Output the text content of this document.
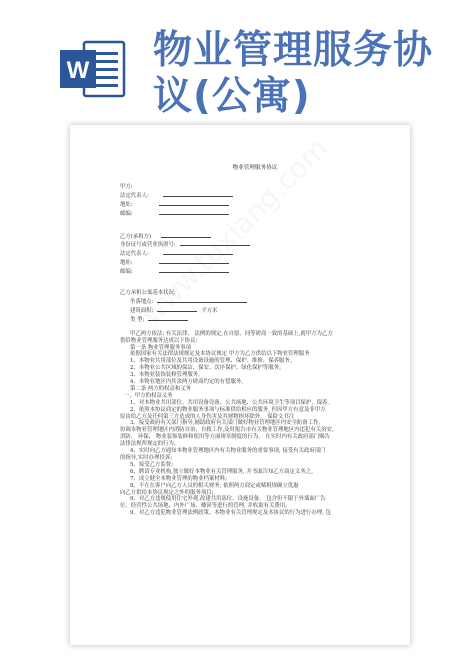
W 物业管理服务协议(公寓)
物业管理服务协议
甲方:
法定代表人:
地址:
邮编:
乙方(承租方)
身份证号或营业执照号:
法定代表人:
地址:
邮编:
乙方承租公寓基本状况:
坐落地点:
建筑面积:	平方米
类 型:
甲乙两方依法: 有关法律、 法例的规定,在自愿、同等磋商一致的基础上,就甲方为乙方
供给物业管理服务达成以下协议:
第一条 物业管理服务事项
依据国家有关法律法规规定及本协议规定 甲方为乙方供给以下物业管理服务
1、本物业共用部位及共用设备设施的管理、保护、维修、保养服务。
2、本物业公共区域的保洁、保安、次序保护、绿化保护等服务。
3、本物业装饰装修管理服务。
4、本物业地区内其余两方磋商约定的有偿服务。
第二条 两方的权益和义务
一、甲方的权益义务
1、对本物业共用部位、共用设备设备、公共场地、公共环境卫生等项目保护、保养。
2、依照本协议商定的物业服务事项与标准供给相应的服务, 但因甲方有意及非甲方
原由给乙方及任何第三方造成的人身伤害及其财物损坏除外。 保险文书注
3、接受政府有关部门指导,辅助政府有关部门做好物业管理地区内安全防备工作,
协调本物业管理地区内消防自治、自救工作,及时报告市有关物业管理地区内违犯有关治安,
消防、 环保、 物业装饰装修和使用等方面规章制度的行为。 在实时内有关政府部门赐告
法律法规所规定的行为。
4、实时向乙方通知本物业管理地区内有关物业服务的重要事项, 接受有关政府部门
的指导,实时办理投诉;
5、接受乙方监督;
6、聘请专业机构,独立做好本物业有关管理服务, 并书面告知乙方商定义务之。
7、成立健全本物业管理的物业档案材料;
8、不在在客户向乙方人员的相关财务, 依照两方商定或赋税规确立优惠
向乙方供给本协议规定之外的服务项目;
9、对乙方违规使用住宅外观,改建共用部位、设施设备、 包含但不限于外墙面广告
位、经营性公共场地、内外广场、楼顶等进行的管理, 并收取有关费用。
9、对乙方违犯物业管理法例政策、本物业有关管理规定及本协议的行为进行办理, 包
